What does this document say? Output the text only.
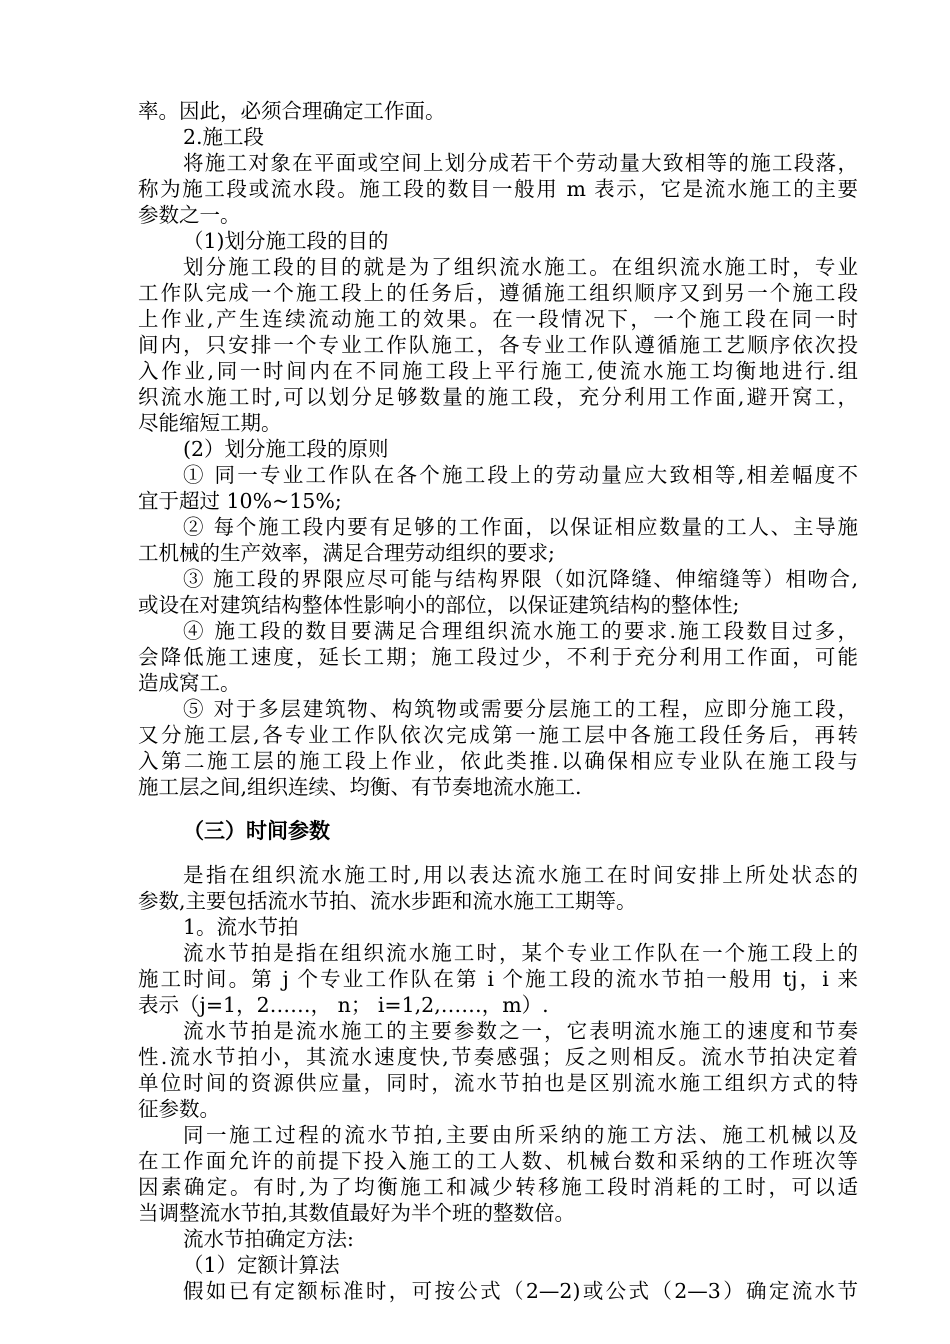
率。因此，必须合理确定工作面。

2.施工段

将施工对象在平面或空间上划分成若干个劳动量大致相等的施工段落，

称为施工段或流水段。施工段的数目一般用 m 表示，它是流水施工的主要

参数之一。

（1)划分施工段的目的

划分施工段的目的就是为了组织流水施工。在组织流水施工时，专业

工作队完成一个施工段上的任务后，遵循施工组织顺序又到另一个施工段

上作业,产生连续流动施工的效果。在一段情况下，一个施工段在同一时

间内，只安排一个专业工作队施工，各专业工作队遵循施工艺顺序依次投

入作业,同一时间内在不同施工段上平行施工,使流水施工均衡地进行.组

织流水施工时,可以划分足够数量的施工段，充分利用工作面,避开窝工，

尽能缩短工期。

(2）划分施工段的原则

① 同一专业工作队在各个施工段上的劳动量应大致相等,相差幅度不

宜于超过 10%~15%;

② 每个施工段内要有足够的工作面，以保证相应数量的工人、主导施

工机械的生产效率，满足合理劳动组织的要求;

③ 施工段的界限应尽可能与结构界限（如沉降缝、伸缩缝等）相吻合,

或设在对建筑结构整体性影响小的部位，以保证建筑结构的整体性;

④ 施工段的数目要满足合理组织流水施工的要求.施工段数目过多，

会降低施工速度，延长工期；施工段过少，不利于充分利用工作面，可能

造成窝工。

⑤ 对于多层建筑物、构筑物或需要分层施工的工程，应即分施工段，

又分施工层,各专业工作队依次完成第一施工层中各施工段任务后，再转

入第二施工层的施工段上作业，依此类推.以确保相应专业队在施工段与

施工层之间,组织连续、均衡、有节奏地流水施工.

（三）时间参数

是指在组织流水施工时,用以表达流水施工在时间安排上所处状态的

参数,主要包括流水节拍、流水步距和流水施工工期等。

1。流水节拍

流水节拍是指在组织流水施工时，某个专业工作队在一个施工段上的

施工时间。第 j 个专业工作队在第 i 个施工段的流水节拍一般用 tj，i 来

表示（j=1，2……， n； i=1,2,……，m）.

流水节拍是流水施工的主要参数之一，它表明流水施工的速度和节奏

性.流水节拍小，其流水速度快,节奏感强；反之则相反。流水节拍决定着

单位时间的资源供应量，同时，流水节拍也是区别流水施工组织方式的特

征参数。

同一施工过程的流水节拍,主要由所采纳的施工方法、施工机械以及

在工作面允许的前提下投入施工的工人数、机械台数和采纳的工作班次等

因素确定。有时,为了均衡施工和减少转移施工段时消耗的工时，可以适

当调整流水节拍,其数值最好为半个班的整数倍。

流水节拍确定方法:

（1）定额计算法

假如已有定额标准时，可按公式（2—2)或公式（2—3）确定流水节
